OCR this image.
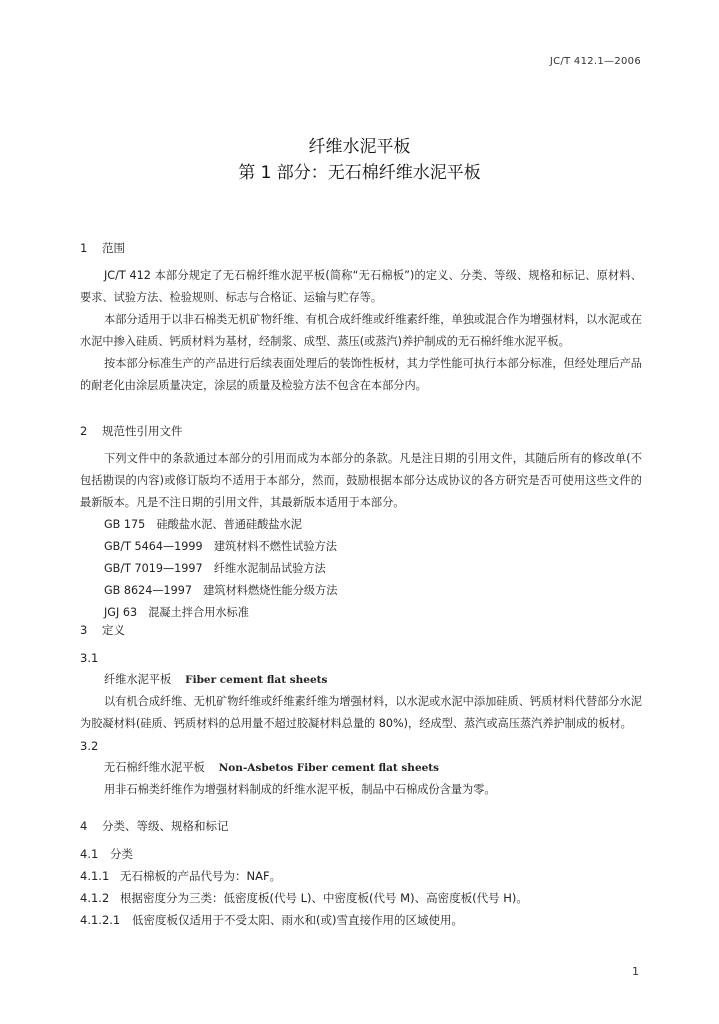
JC/T 412.1—2006
纤维水泥平板
第 1 部分：无石棉纤维水泥平板

1 范围

JC/T 412 本部分规定了无石棉纤维水泥平板(简称“无石棉板”)的定义、分类、等级、规格和标记、原材料、要求、试验方法、检验规则、标志与合格证、运输与贮存等。

本部分适用于以非石棉类无机矿物纤维、有机合成纤维或纤维素纤维，单独或混合作为增强材料，以水泥或在水泥中掺入硅质、钙质材料为基材，经制浆、成型、蒸压(或蒸汽)养护制成的无石棉纤维水泥平板。

按本部分标准生产的产品进行后续表面处理后的装饰性板材，其力学性能可执行本部分标准，但经处理后产品的耐老化由涂层质量决定，涂层的质量及检验方法不包含在本部分内。

2 规范性引用文件

下列文件中的条款通过本部分的引用而成为本部分的条款。凡是注日期的引用文件，其随后所有的修改单(不包括勘误的内容)或修订版均不适用于本部分，然而，鼓励根据本部分达成协议的各方研究是否可使用这些文件的最新版本。凡是不注日期的引用文件，其最新版本适用于本部分。

GB 175　硅酸盐水泥、普通硅酸盐水泥

GB/T 5464—1999　建筑材料不燃性试验方法

GB/T 7019—1997　纤维水泥制品试验方法

GB 8624—1997　建筑材料燃烧性能分级方法

JGJ 63　混凝土拌合用水标准

3 定义

3.1

纤维水泥平板 Fiber cement flat sheets

以有机合成纤维、无机矿物纤维或纤维素纤维为增强材料，以水泥或水泥中添加硅质、钙质材料代替部分水泥为胶凝材料(硅质、钙质材料的总用量不超过胶凝材料总量的 80%)，经成型、蒸汽或高压蒸汽养护制成的板材。

3.2

无石棉纤维水泥平板 Non-Asbetos Fiber cement flat sheets

用非石棉类纤维作为增强材料制成的纤维水泥平板，制品中石棉成份含量为零。

4 分类、等级、规格和标记

4.1 分类

4.1.1 无石棉板的产品代号为：NAF。

4.1.2 根据密度分为三类：低密度板(代号 L)、中密度板(代号 M)、高密度板(代号 H)。

4.1.2.1 低密度板仅适用于不受太阳、雨水和(或)雪直接作用的区域使用。

1
